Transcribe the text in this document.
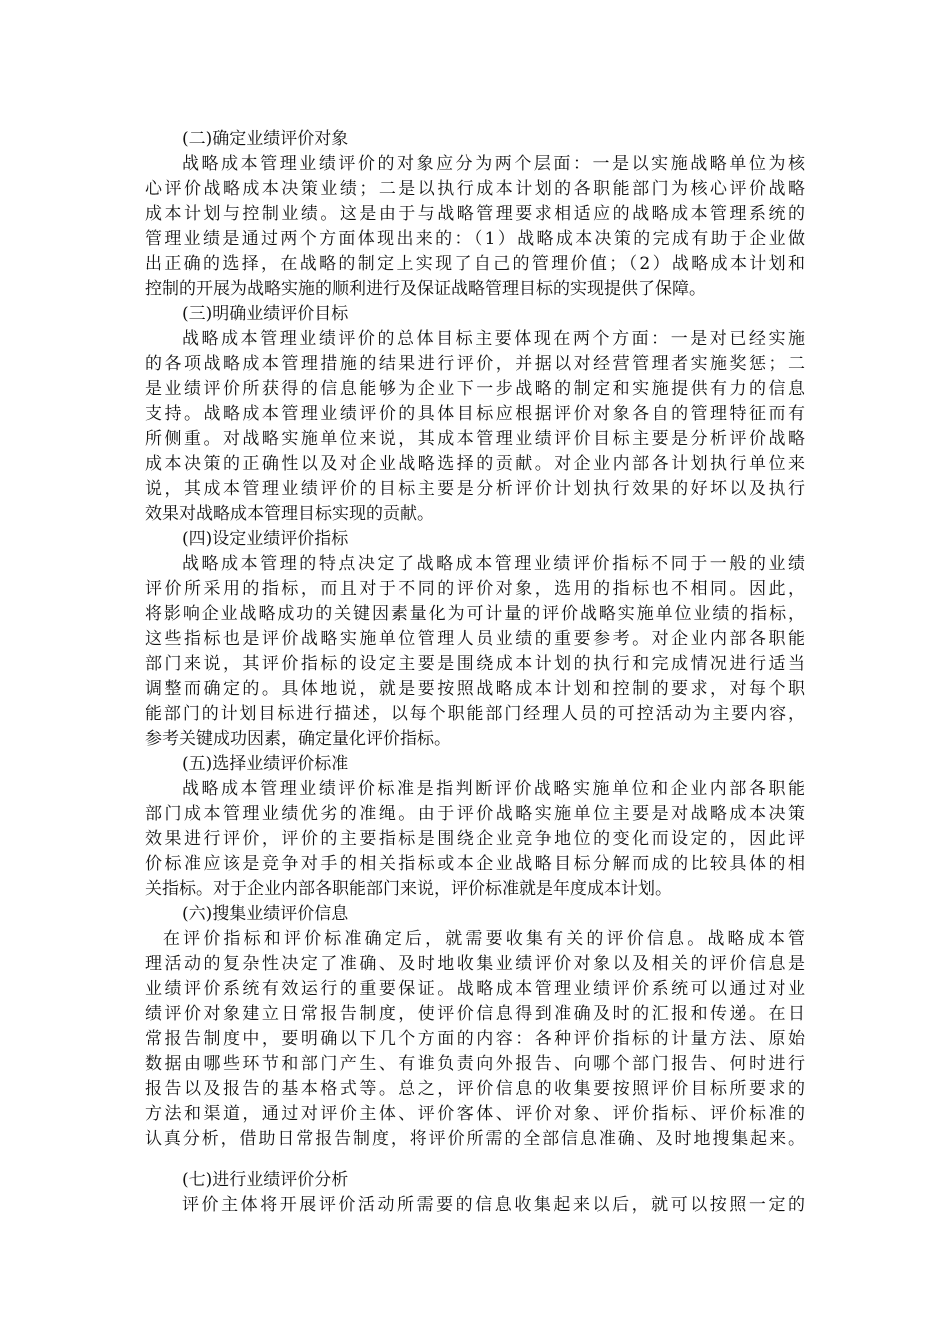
(二)确定业绩评价对象
战略成本管理业绩评价的对象应分为两个层面：一是以实施战略单位为核
心评价战略成本决策业绩；二是以执行成本计划的各职能部门为核心评价战略
成本计划与控制业绩。这是由于与战略管理要求相适应的战略成本管理系统的
管理业绩是通过两个方面体现出来的：（1）战略成本决策的完成有助于企业做
出正确的选择，在战略的制定上实现了自己的管理价值；（2）战略成本计划和
控制的开展为战略实施的顺利进行及保证战略管理目标的实现提供了保障。
(三)明确业绩评价目标
战略成本管理业绩评价的总体目标主要体现在两个方面：一是对已经实施
的各项战略成本管理措施的结果进行评价，并据以对经营管理者实施奖惩；二
是业绩评价所获得的信息能够为企业下一步战略的制定和实施提供有力的信息
支持。战略成本管理业绩评价的具体目标应根据评价对象各自的管理特征而有
所侧重。对战略实施单位来说，其成本管理业绩评价目标主要是分析评价战略
成本决策的正确性以及对企业战略选择的贡献。对企业内部各计划执行单位来
说，其成本管理业绩评价的目标主要是分析评价计划执行效果的好坏以及执行
效果对战略成本管理目标实现的贡献。
(四)设定业绩评价指标
战略成本管理的特点决定了战略成本管理业绩评价指标不同于一般的业绩
评价所采用的指标，而且对于不同的评价对象，选用的指标也不相同。因此，
将影响企业战略成功的关键因素量化为可计量的评价战略实施单位业绩的指标，
这些指标也是评价战略实施单位管理人员业绩的重要参考。对企业内部各职能
部门来说，其评价指标的设定主要是围绕成本计划的执行和完成情况进行适当
调整而确定的。具体地说，就是要按照战略成本计划和控制的要求，对每个职
能部门的计划目标进行描述，以每个职能部门经理人员的可控活动为主要内容，
参考关键成功因素，确定量化评价指标。
(五)选择业绩评价标准
战略成本管理业绩评价标准是指判断评价战略实施单位和企业内部各职能
部门成本管理业绩优劣的准绳。由于评价战略实施单位主要是对战略成本决策
效果进行评价，评价的主要指标是围绕企业竞争地位的变化而设定的，因此评
价标准应该是竞争对手的相关指标或本企业战略目标分解而成的比较具体的相
关指标。对于企业内部各职能部门来说，评价标准就是年度成本计划。
(六)搜集业绩评价信息
在评价指标和评价标准确定后，就需要收集有关的评价信息。战略成本管
理活动的复杂性决定了准确、及时地收集业绩评价对象以及相关的评价信息是
业绩评价系统有效运行的重要保证。战略成本管理业绩评价系统可以通过对业
绩评价对象建立日常报告制度，使评价信息得到准确及时的汇报和传递。在日
常报告制度中，要明确以下几个方面的内容：各种评价指标的计量方法、原始
数据由哪些环节和部门产生、有谁负责向外报告、向哪个部门报告、何时进行
报告以及报告的基本格式等。总之，评价信息的收集要按照评价目标所要求的
方法和渠道，通过对评价主体、评价客体、评价对象、评价指标、评价标准的
认真分析，借助日常报告制度，将评价所需的全部信息准确、及时地搜集起来。
(七)进行业绩评价分析
评价主体将开展评价活动所需要的信息收集起来以后，就可以按照一定的
